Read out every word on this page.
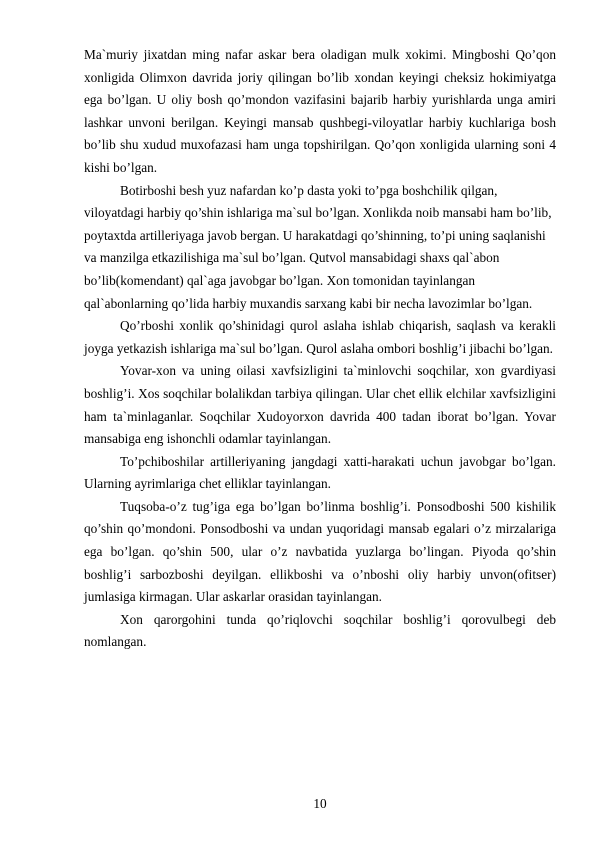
Ma`muriy jixatdan ming nafar askar bera oladigan mulk xokimi. Mingboshi Qo’qon xonligida Olimxon davrida joriy qilingan bo’lib xondan keyingi cheksiz hokimiyatga ega bo’lgan. U oliy bosh qo’mondon vazifasini bajarib harbiy yurishlarda unga amiri lashkar unvoni berilgan. Keyingi mansab qushbegi-viloyatlar harbiy kuchlariga bosh bo’lib shu xudud muxofazasi ham unga topshirilgan. Qo’qon xonligida ularning soni 4 kishi bo’lgan.

Botirboshi besh yuz nafardan ko’p dasta yoki to’pga boshchilik qilgan, viloyatdagi harbiy qo’shin ishlariga ma`sul bo’lgan. Xonlikda noib mansabi ham bo’lib, poytaxtda artilleriyaga javob bergan. U harakatdagi qo’shinning, to’pi uning saqlanishi va manzilga etkazilishiga ma`sul bo’lgan. Qutvol mansabidagi shaxs qal`abon bo’lib(komendant) qal`aga javobgar bo’lgan. Xon tomonidan tayinlangan qal`abonlarning qo’lida harbiy muxandis sarxang kabi bir necha lavozimlar bo’lgan.

Qo’rboshi xonlik qo’shinidagi qurol aslaha ishlab chiqarish, saqlash va kerakli joyga yetkazish ishlariga ma`sul bo’lgan. Qurol aslaha ombori boshlig’i jibachi bo’lgan.

Yovar-xon va uning oilasi xavfsizligini ta`minlovchi soqchilar, xon gvardiyasi boshlig’i. Xos soqchilar bolalikdan tarbiya qilingan. Ular chet ellik elchilar xavfsizligini ham ta`minlaganlar. Soqchilar Xudoyorxon davrida 400 tadan iborat bo’lgan. Yovar mansabiga eng ishonchli odamlar tayinlangan.

To’pchiboshilar artilleriyaning jangdagi xatti-harakati uchun javobgar bo’lgan. Ularning ayrimlariga chet elliklar tayinlangan.

Tuqsoba-o’z tug’iga ega bo’lgan bo’linma boshlig’i. Ponsodboshi 500 kishilik qo’shin qo’mondoni. Ponsodboshi va undan yuqoridagi mansab egalari o’z mirzalariga ega bo’lgan. qo’shin 500, ular o’z navbatida yuzlarga bo’lingan. Piyoda qo’shin boshlig’i sarbozboshi deyilgan. ellikboshi va o’nboshi oliy harbiy unvon(ofitser) jumlasiga kirmagan. Ular askarlar orasidan tayinlangan.

Xon qarorgohini tunda qo’riqlovchi soqchilar boshlig’i qorovulbegi deb nomlangan.

10
